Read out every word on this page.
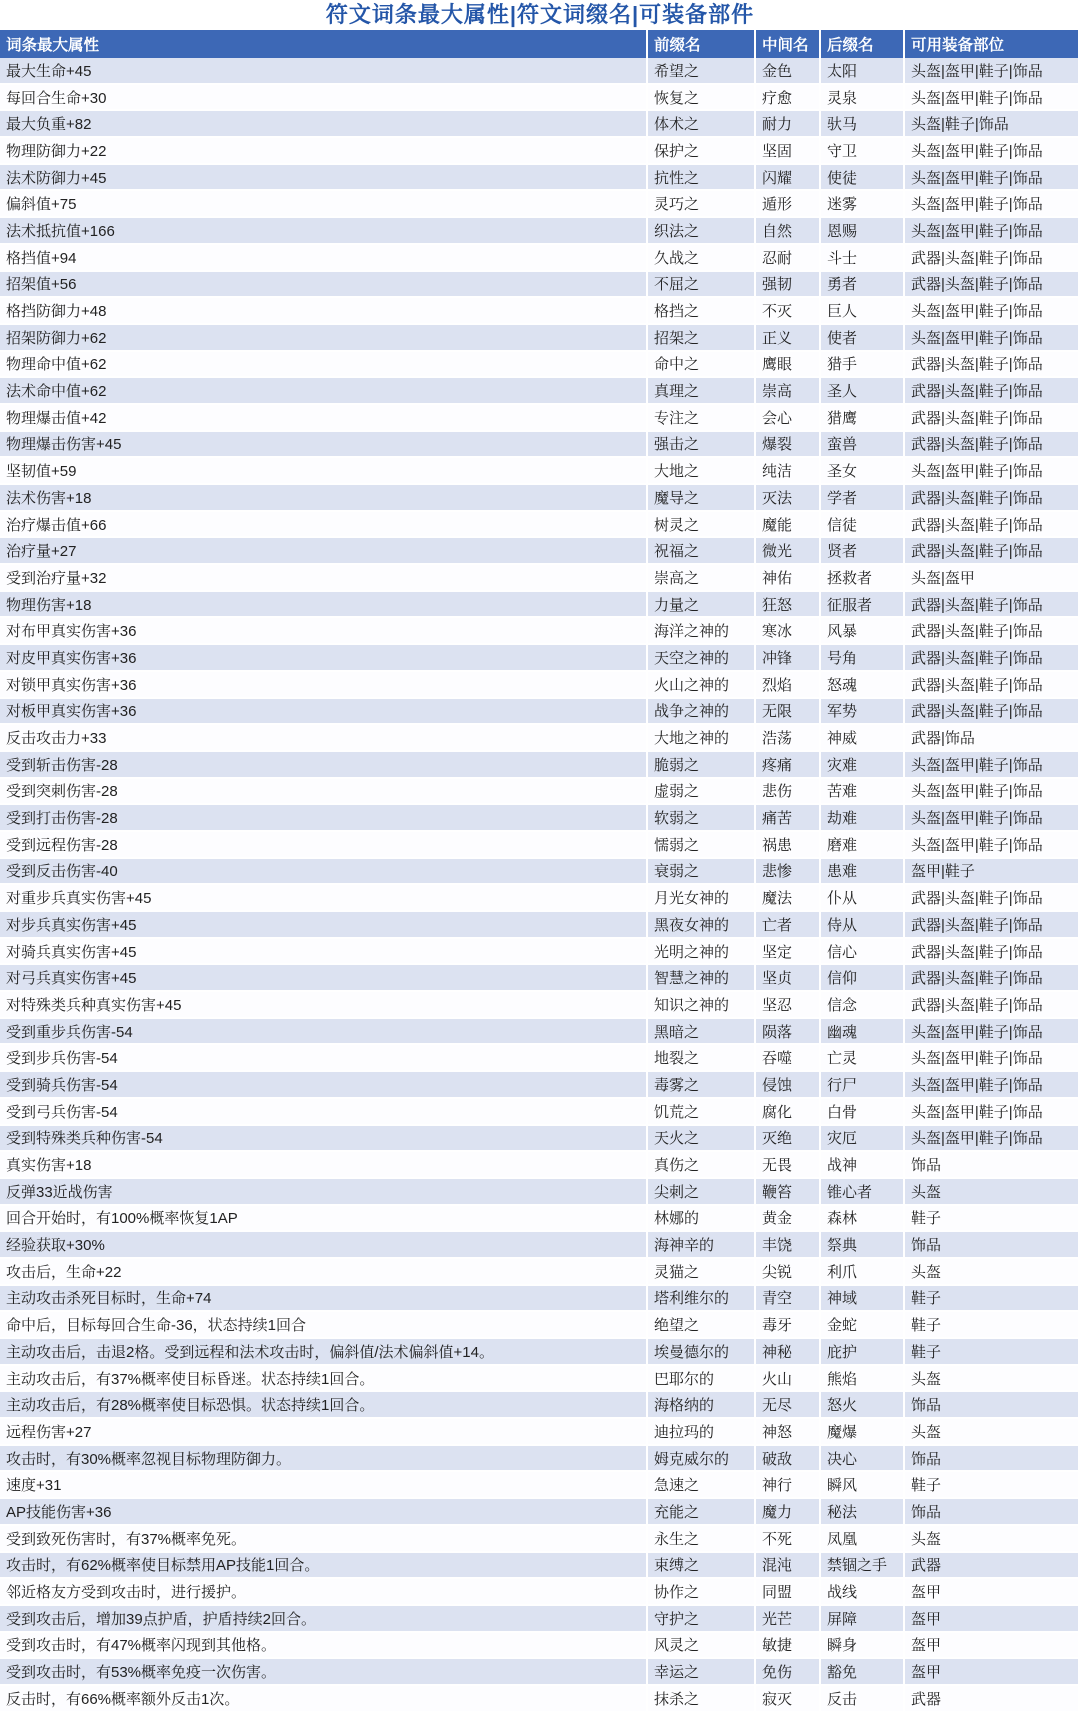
符文词条最大属性|符文词缀名|可装备部件
词条最大属性	前缀名	中间名	后缀名	可用装备部位
最大生命+45	希望之	金色	太阳	头盔|盔甲|鞋子|饰品
每回合生命+30	恢复之	疗愈	灵泉	头盔|盔甲|鞋子|饰品
最大负重+82	体术之	耐力	驮马	头盔|鞋子|饰品
物理防御力+22	保护之	坚固	守卫	头盔|盔甲|鞋子|饰品
法术防御力+45	抗性之	闪耀	使徒	头盔|盔甲|鞋子|饰品
偏斜值+75	灵巧之	遁形	迷雾	头盔|盔甲|鞋子|饰品
法术抵抗值+166	织法之	自然	恩赐	头盔|盔甲|鞋子|饰品
格挡值+94	久战之	忍耐	斗士	武器|头盔|鞋子|饰品
招架值+56	不屈之	强韧	勇者	武器|头盔|鞋子|饰品
格挡防御力+48	格挡之	不灭	巨人	头盔|盔甲|鞋子|饰品
招架防御力+62	招架之	正义	使者	头盔|盔甲|鞋子|饰品
物理命中值+62	命中之	鹰眼	猎手	武器|头盔|鞋子|饰品
法术命中值+62	真理之	崇高	圣人	武器|头盔|鞋子|饰品
物理爆击值+42	专注之	会心	猎鹰	武器|头盔|鞋子|饰品
物理爆击伤害+45	强击之	爆裂	蛮兽	武器|头盔|鞋子|饰品
坚韧值+59	大地之	纯洁	圣女	头盔|盔甲|鞋子|饰品
法术伤害+18	魔导之	灭法	学者	武器|头盔|鞋子|饰品
治疗爆击值+66	树灵之	魔能	信徒	武器|头盔|鞋子|饰品
治疗量+27	祝福之	微光	贤者	武器|头盔|鞋子|饰品
受到治疗量+32	崇高之	神佑	拯救者	头盔|盔甲
物理伤害+18	力量之	狂怒	征服者	武器|头盔|鞋子|饰品
对布甲真实伤害+36	海洋之神的	寒冰	风暴	武器|头盔|鞋子|饰品
对皮甲真实伤害+36	天空之神的	冲锋	号角	武器|头盔|鞋子|饰品
对锁甲真实伤害+36	火山之神的	烈焰	怒魂	武器|头盔|鞋子|饰品
对板甲真实伤害+36	战争之神的	无限	军势	武器|头盔|鞋子|饰品
反击攻击力+33	大地之神的	浩荡	神威	武器|饰品
受到斩击伤害-28	脆弱之	疼痛	灾难	头盔|盔甲|鞋子|饰品
受到突刺伤害-28	虚弱之	悲伤	苦难	头盔|盔甲|鞋子|饰品
受到打击伤害-28	软弱之	痛苦	劫难	头盔|盔甲|鞋子|饰品
受到远程伤害-28	懦弱之	祸患	磨难	头盔|盔甲|鞋子|饰品
受到反击伤害-40	衰弱之	悲惨	患难	盔甲|鞋子
对重步兵真实伤害+45	月光女神的	魔法	仆从	武器|头盔|鞋子|饰品
对步兵真实伤害+45	黑夜女神的	亡者	侍从	武器|头盔|鞋子|饰品
对骑兵真实伤害+45	光明之神的	坚定	信心	武器|头盔|鞋子|饰品
对弓兵真实伤害+45	智慧之神的	坚贞	信仰	武器|头盔|鞋子|饰品
对特殊类兵种真实伤害+45	知识之神的	坚忍	信念	武器|头盔|鞋子|饰品
受到重步兵伤害-54	黑暗之	陨落	幽魂	头盔|盔甲|鞋子|饰品
受到步兵伤害-54	地裂之	吞噬	亡灵	头盔|盔甲|鞋子|饰品
受到骑兵伤害-54	毒雾之	侵蚀	行尸	头盔|盔甲|鞋子|饰品
受到弓兵伤害-54	饥荒之	腐化	白骨	头盔|盔甲|鞋子|饰品
受到特殊类兵种伤害-54	天火之	灭绝	灾厄	头盔|盔甲|鞋子|饰品
真实伤害+18	真伤之	无畏	战神	饰品
反弹33近战伤害	尖刺之	鞭笞	锥心者	头盔
回合开始时，有100%概率恢复1AP	林娜的	黄金	森林	鞋子
经验获取+30%	海神辛的	丰饶	祭典	饰品
攻击后，生命+22	灵猫之	尖锐	利爪	头盔
主动攻击杀死目标时，生命+74	塔利维尔的	青空	神域	鞋子
命中后，目标每回合生命-36，状态持续1回合	绝望之	毒牙	金蛇	鞋子
主动攻击后，击退2格。受到远程和法术攻击时，偏斜值/法术偏斜值+14。	埃曼德尔的	神秘	庇护	鞋子
主动攻击后，有37%概率使目标昏迷。状态持续1回合。	巴耶尔的	火山	熊焰	头盔
主动攻击后，有28%概率使目标恐惧。状态持续1回合。	海格纳的	无尽	怒火	饰品
远程伤害+27	迪拉玛的	神怒	魔爆	头盔
攻击时，有30%概率忽视目标物理防御力。	姆克威尔的	破敌	决心	饰品
速度+31	急速之	神行	瞬风	鞋子
AP技能伤害+36	充能之	魔力	秘法	饰品
受到致死伤害时，有37%概率免死。	永生之	不死	凤凰	头盔
攻击时，有62%概率使目标禁用AP技能1回合。	束缚之	混沌	禁锢之手	武器
邻近格友方受到攻击时，进行援护。	协作之	同盟	战线	盔甲
受到攻击后，增加39点护盾，护盾持续2回合。	守护之	光芒	屏障	盔甲
受到攻击时，有47%概率闪现到其他格。	风灵之	敏捷	瞬身	盔甲
受到攻击时，有53%概率免疫一次伤害。	幸运之	免伤	豁免	盔甲
反击时，有66%概率额外反击1次。	抹杀之	寂灭	反击	武器
